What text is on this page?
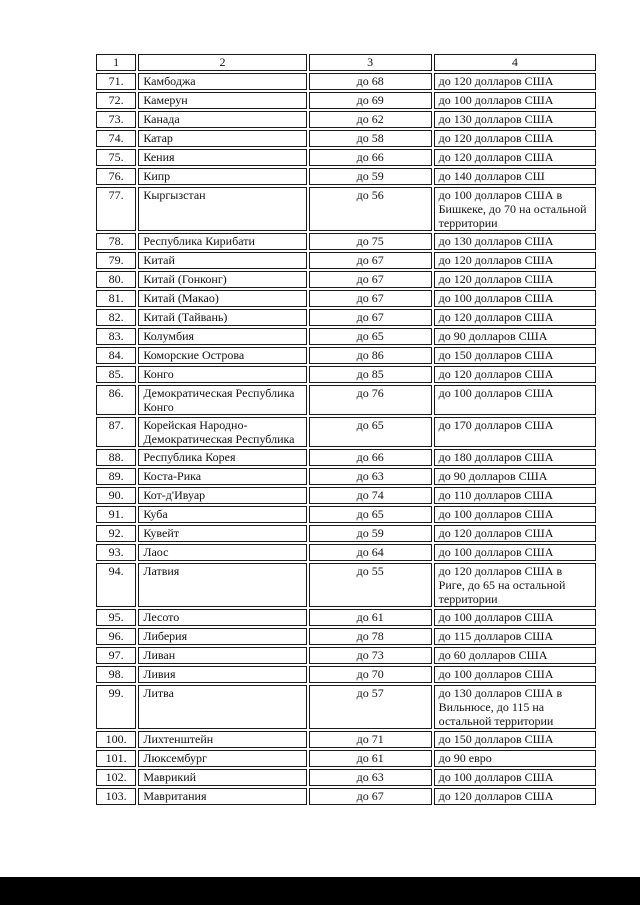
1	2	3	4
71.	Камбоджа	до 68	до 120 долларов США
72.	Камерун	до 69	до 100 долларов США
73.	Канада	до 62	до 130 долларов США
74.	Катар	до 58	до 120 долларов США
75.	Кения	до 66	до 120 долларов США
76.	Кипр	до 59	до 140 долларов СШ
77.	Кыргызстан	до 56	до 100 долларов США в Бишкеке, до 70 на остальной территории
78.	Республика Кирибати	до 75	до 130 долларов США
79.	Китай	до 67	до 120 долларов США
80.	Китай (Гонконг)	до 67	до 120 долларов США
81.	Китай (Макао)	до 67	до 100 долларов США
82.	Китай (Тайвань)	до 67	до 120 долларов США
83.	Колумбия	до 65	до 90 долларов США
84.	Коморские Острова	до 86	до 150 долларов США
85.	Конго	до 85	до 120 долларов США
86.	Демократическая Республика Конго	до 76	до 100 долларов США
87.	Корейская Народно-Демократическая Республика	до 65	до 170 долларов США
88.	Республика Корея	до 66	до 180 долларов США
89.	Коста-Рика	до 63	до 90 долларов США
90.	Кот-д'Ивуар	до 74	до 110 долларов США
91.	Куба	до 65	до 100 долларов США
92.	Кувейт	до 59	до 120 долларов США
93.	Лаос	до 64	до 100 долларов США
94.	Латвия	до 55	до 120 долларов США в Риге, до 65 на остальной территории
95.	Лесото	до 61	до 100 долларов США
96.	Либерия	до 78	до 115 долларов США
97.	Ливан	до 73	до 60 долларов США
98.	Ливия	до 70	до 100 долларов США
99.	Литва	до 57	до 130 долларов США в Вильнюсе, до 115 на остальной территории
100.	Лихтенштейн	до 71	до 150 долларов США
101.	Люксембург	до 61	до 90 евро
102.	Маврикий	до 63	до 100 долларов США
103.	Мавритания	до 67	до 120 долларов США
